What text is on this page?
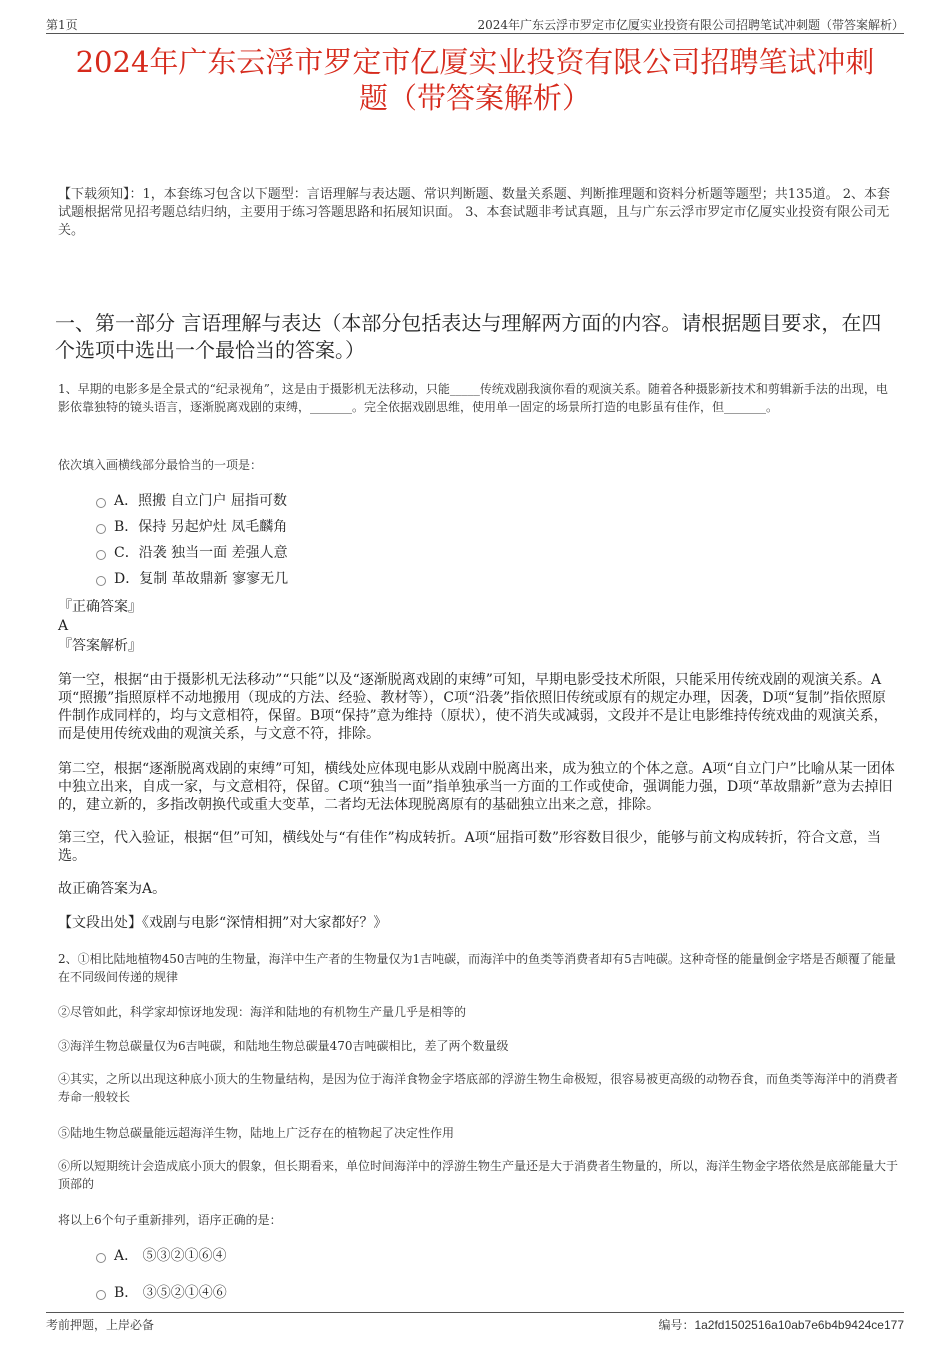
第1页	2024年广东云浮市罗定市亿厦实业投资有限公司招聘笔试冲刺题（带答案解析）
2024年广东云浮市罗定市亿厦实业投资有限公司招聘笔试冲刺
题（带答案解析）
【下载须知】：1，本套练习包含以下题型：言语理解与表达题、常识判断题、数量关系题、判断推理题和资料分析题等题型；共135道。 2、本套试题根据常见招考题总结归纳，主要用于练习答题思路和拓展知识面。 3、本套试题非考试真题，且与广东云浮市罗定市亿厦实业投资有限公司无关。
一、第一部分 言语理解与表达（本部分包括表达与理解两方面的内容。请根据题目要求，在四个选项中选出一个最恰当的答案。）
1、早期的电影多是全景式的“纪录视角”，这是由于摄影机无法移动，只能_____传统戏剧我演你看的观演关系。随着各种摄影新技术和剪辑新手法的出现，电影依靠独特的镜头语言，逐渐脱离戏剧的束缚，_______。完全依据戏剧思维，使用单一固定的场景所打造的电影虽有佳作，但_______。
依次填入画横线部分最恰当的一项是：
A．照搬 自立门户 屈指可数
B．保持 另起炉灶 凤毛麟角
C．沿袭 独当一面 差强人意
D．复制 革故鼎新 寥寥无几
『正确答案』
A
『答案解析』
第一空，根据“由于摄影机无法移动”“只能”以及“逐渐脱离戏剧的束缚”可知，早期电影受技术所限，只能采用传统戏剧的观演关系。A项“照搬”指照原样不动地搬用（现成的方法、经验、教材等），C项“沿袭”指依照旧传统或原有的规定办理，因袭，D项“复制”指依照原件制作成同样的，均与文意相符，保留。B项“保持”意为维持（原状），使不消失或减弱，文段并不是让电影维持传统戏曲的观演关系，而是使用传统戏曲的观演关系，与文意不符，排除。
第二空，根据“逐渐脱离戏剧的束缚”可知，横线处应体现电影从戏剧中脱离出来，成为独立的个体之意。A项“自立门户”比喻从某一团体中独立出来，自成一家，与文意相符，保留。C项“独当一面”指单独承当一方面的工作或使命，强调能力强，D项“革故鼎新”意为去掉旧的，建立新的，多指改朝换代或重大变革，二者均无法体现脱离原有的基础独立出来之意，排除。
第三空，代入验证，根据“但”可知，横线处与“有佳作”构成转折。A项“屈指可数”形容数目很少，能够与前文构成转折，符合文意，当选。
故正确答案为A。
【文段出处】《戏剧与电影“深情相拥”对大家都好？》
2、①相比陆地植物450吉吨的生物量，海洋中生产者的生物量仅为1吉吨碳，而海洋中的鱼类等消费者却有5吉吨碳。这种奇怪的能量倒金字塔是否颠覆了能量在不同级间传递的规律
②尽管如此，科学家却惊讶地发现：海洋和陆地的有机物生产量几乎是相等的
③海洋生物总碳量仅为6吉吨碳，和陆地生物总碳量470吉吨碳相比，差了两个数量级
④其实，之所以出现这种底小顶大的生物量结构，是因为位于海洋食物金字塔底部的浮游生物生命极短，很容易被更高级的动物吞食，而鱼类等海洋中的消费者寿命一般较长
⑤陆地生物总碳量能远超海洋生物，陆地上广泛存在的植物起了决定性作用
⑥所以短期统计会造成底小顶大的假象，但长期看来，单位时间海洋中的浮游生物生产量还是大于消费者生物量的，所以，海洋生物金字塔依然是底部能量大于顶部的
将以上6个句子重新排列，语序正确的是：
A． ⑤③②①⑥④
B． ③⑤②①④⑥
考前押题，上岸必备	编号：1a2fd1502516a10ab7e6b4b9424ce177
